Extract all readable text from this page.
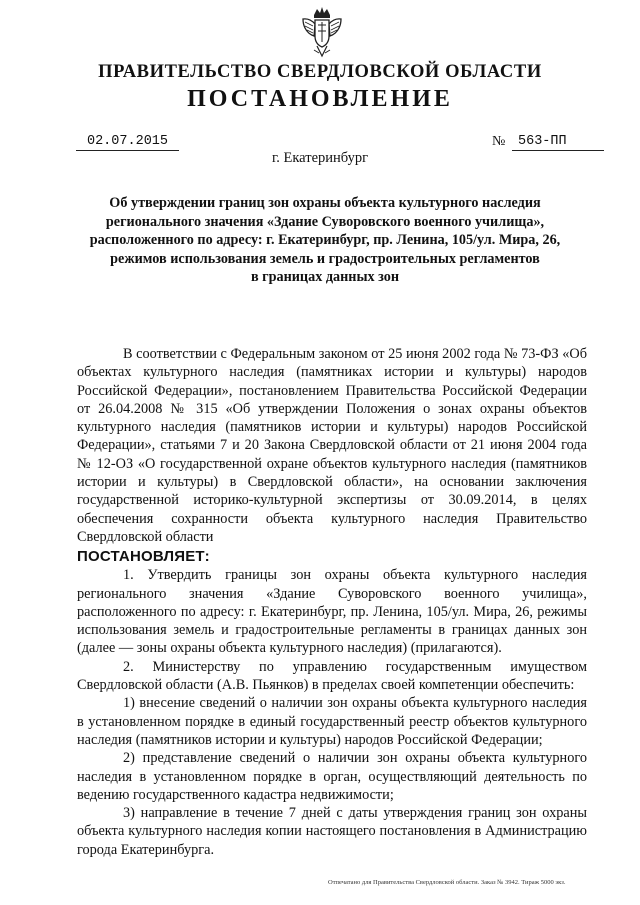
ПРАВИТЕЛЬСТВО СВЕРДЛОВСКОЙ ОБЛАСТИ
ПОСТАНОВЛЕНИЕ
02.07.2015	№ 563-ПП
г. Екатеринбург
Об утверждении границ зон охраны объекта культурного наследия
регионального значения «Здание Суворовского военного училища»,
расположенного по адресу: г. Екатеринбург, пр. Ленина, 105/ул. Мира, 26,
режимов использования земель и градостроительных регламентов
в границах данных зон

В соответствии с Федеральным законом от 25 июня 2002 года № 73-ФЗ «Об объектах культурного наследия (памятниках истории и культуры) народов Российской Федерации», постановлением Правительства Российской Федерации от 26.04.2008 № 315 «Об утверждении Положения о зонах охраны объектов культурного наследия (памятников истории и культуры) народов Российской Федерации», статьями 7 и 20 Закона Свердловской области от 21 июня 2004 года № 12-ОЗ «О государственной охране объектов культурного наследия (памятников истории и культуры) в Свердловской области», на основании заключения государственной историко-культурной экспертизы от 30.09.2014, в целях обеспечения сохранности объекта культурного наследия Правительство Свердловской области

ПОСТАНОВЛЯЕТ:

1. Утвердить границы зон охраны объекта культурного наследия регионального значения «Здание Суворовского военного училища», расположенного по адресу: г. Екатеринбург, пр. Ленина, 105/ул. Мира, 26, режимы использования земель и градостроительные регламенты в границах данных зон (далее — зоны охраны объекта культурного наследия) (прилагаются).

2. Министерству по управлению государственным имуществом Свердловской области (А.В. Пьянков) в пределах своей компетенции обеспечить:

1) внесение сведений о наличии зон охраны объекта культурного наследия в установленном порядке в единый государственный реестр объектов культурного наследия (памятников истории и культуры) народов Российской Федерации;

2) представление сведений о наличии зон охраны объекта культурного наследия в установленном порядке в орган, осуществляющий деятельность по ведению государственного кадастра недвижимости;

3) направление в течение 7 дней с даты утверждения границ зон охраны объекта культурного наследия копии настоящего постановления в Администрацию города Екатеринбурга.

Отпечатано для Правительства Свердловской области. Заказ № 3942. Тираж 5000 экз.
